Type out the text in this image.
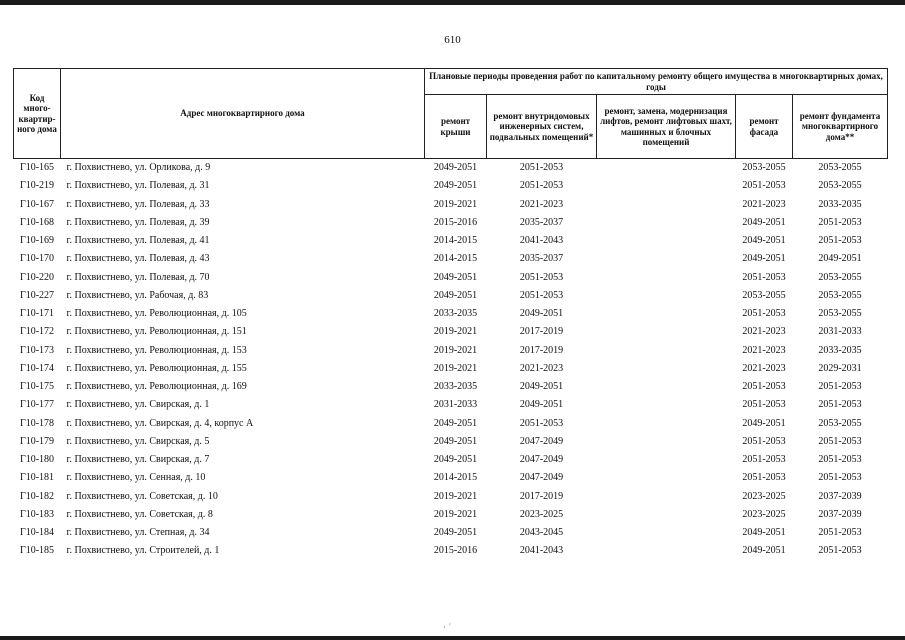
610
Код много-квартир-ного дома	Адрес многоквартирного дома	Плановые периоды проведения работ по капитальному ремонту общего имущества в многоквартирных домах, годы				
		ремонт крыши	ремонт внутридомовых инженерных систем, подвальных помещений*	ремонт, замена, модернизация лифтов, ремонт лифтовых шахт, машинных и блочных помещений	ремонт фасада	ремонт фундамента многоквартирного дома**
Г10-165	г. Похвистнево, ул. Орликова, д. 9	2049-2051	2051-2053		2053-2055	2053-2055
Г10-219	г. Похвистнево, ул. Полевая, д. 31	2049-2051	2051-2053		2051-2053	2053-2055
Г10-167	г. Похвистнево, ул. Полевая, д. 33	2019-2021	2021-2023		2021-2023	2033-2035
Г10-168	г. Похвистнево, ул. Полевая, д. 39	2015-2016	2035-2037		2049-2051	2051-2053
Г10-169	г. Похвистнево, ул. Полевая, д. 41	2014-2015	2041-2043		2049-2051	2051-2053
Г10-170	г. Похвистнево, ул. Полевая, д. 43	2014-2015	2035-2037		2049-2051	2049-2051
Г10-220	г. Похвистнево, ул. Полевая, д. 70	2049-2051	2051-2053		2051-2053	2053-2055
Г10-227	г. Похвистнево, ул. Рабочая, д. 83	2049-2051	2051-2053		2053-2055	2053-2055
Г10-171	г. Похвистнево, ул. Революционная, д. 105	2033-2035	2049-2051		2051-2053	2053-2055
Г10-172	г. Похвистнево, ул. Революционная, д. 151	2019-2021	2017-2019		2021-2023	2031-2033
Г10-173	г. Похвистнево, ул. Революционная, д. 153	2019-2021	2017-2019		2021-2023	2033-2035
Г10-174	г. Похвистнево, ул. Революционная, д. 155	2019-2021	2021-2023		2021-2023	2029-2031
Г10-175	г. Похвистнево, ул. Революционная, д. 169	2033-2035	2049-2051		2051-2053	2051-2053
Г10-177	г. Похвистнево, ул. Свирская, д. 1	2031-2033	2049-2051		2051-2053	2051-2053
Г10-178	г. Похвистнево, ул. Свирская, д. 4, корпус А	2049-2051	2051-2053		2049-2051	2053-2055
Г10-179	г. Похвистнево, ул. Свирская, д. 5	2049-2051	2047-2049		2051-2053	2051-2053
Г10-180	г. Похвистнево, ул. Свирская, д. 7	2049-2051	2047-2049		2051-2053	2051-2053
Г10-181	г. Похвистнево, ул. Сенная, д. 10	2014-2015	2047-2049		2051-2053	2051-2053
Г10-182	г. Похвистнево, ул. Советская, д. 10	2019-2021	2017-2019		2023-2025	2037-2039
Г10-183	г. Похвистнево, ул. Советская, д. 8	2019-2021	2023-2025		2023-2025	2037-2039
Г10-184	г. Похвистнево, ул. Степная, д. 34	2049-2051	2043-2045		2049-2051	2051-2053
Г10-185	г. Похвистнево, ул. Строителей, д. 1	2015-2016	2041-2043		2049-2051	2051-2053
· ˙
